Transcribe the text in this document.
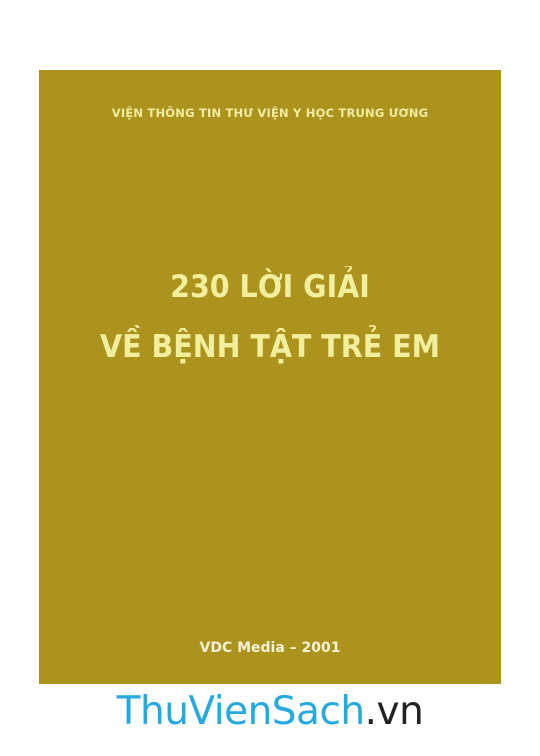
VIỆN THÔNG TIN THƯ VIỆN Y HỌC TRUNG ƯƠNG
230 LỜI GIẢI
VỀ BỆNH TẬT TRẺ EM
VDC Media – 2001
ThuVienSach.vn
